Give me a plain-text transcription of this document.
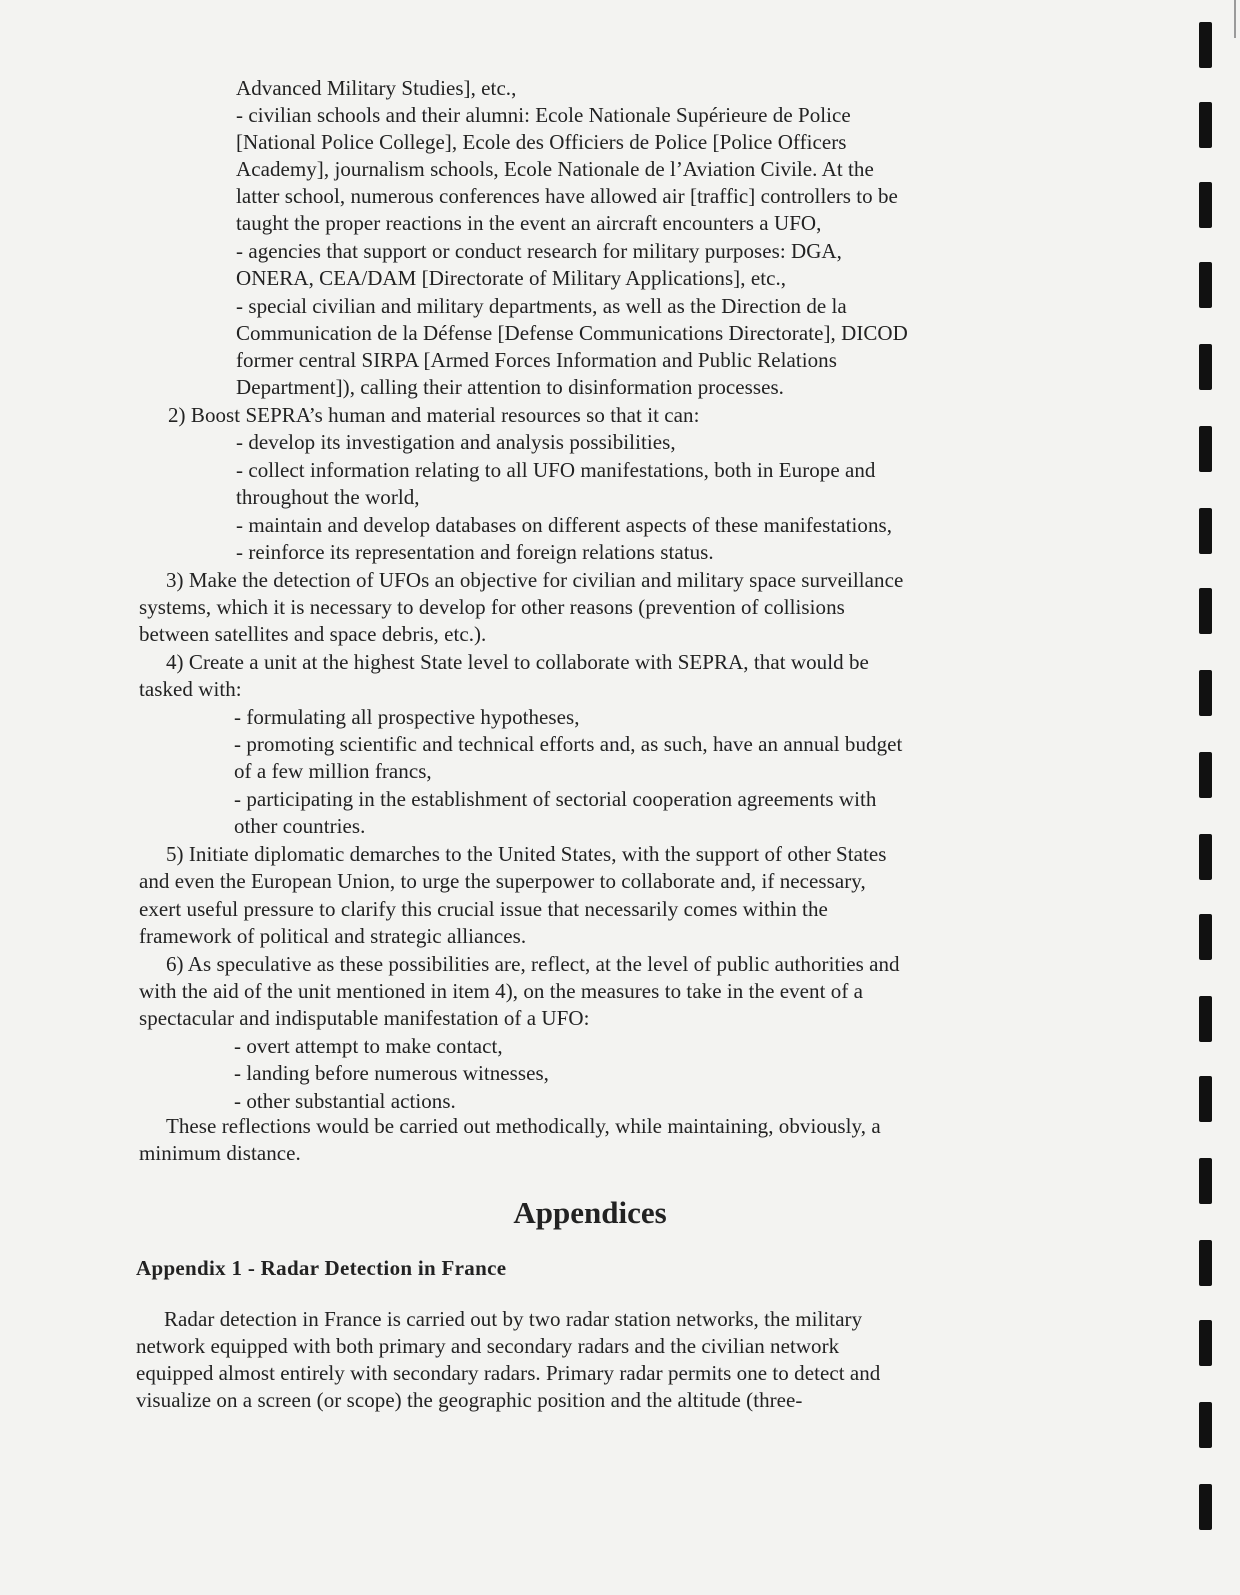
Advanced Military Studies], etc.,
- civilian schools and their alumni: Ecole Nationale Supérieure de Police
[National Police College], Ecole des Officiers de Police [Police Officers
Academy], journalism schools, Ecole Nationale de l’Aviation Civile. At the
latter school, numerous conferences have allowed air [traffic] controllers to be
taught the proper reactions in the event an aircraft encounters a UFO,
- agencies that support or conduct research for military purposes: DGA,
ONERA, CEA/DAM [Directorate of Military Applications], etc.,
- special civilian and military departments, as well as the Direction de la
Communication de la Défense [Defense Communications Directorate], DICOD
former central SIRPA [Armed Forces Information and Public Relations
Department]), calling their attention to disinformation processes.
2) Boost SEPRA’s human and material resources so that it can:
- develop its investigation and analysis possibilities,
- collect information relating to all UFO manifestations, both in Europe and
throughout the world,
- maintain and develop databases on different aspects of these manifestations,
- reinforce its representation and foreign relations status.
3) Make the detection of UFOs an objective for civilian and military space surveillance
systems, which it is necessary to develop for other reasons (prevention of collisions
between satellites and space debris, etc.).
4) Create a unit at the highest State level to collaborate with SEPRA, that would be
tasked with:
- formulating all prospective hypotheses,
- promoting scientific and technical efforts and, as such, have an annual budget
of a few million francs,
- participating in the establishment of sectorial cooperation agreements with
other countries.
5) Initiate diplomatic demarches to the United States, with the support of other States
and even the European Union, to urge the superpower to collaborate and, if necessary,
exert useful pressure to clarify this crucial issue that necessarily comes within the
framework of political and strategic alliances.
6) As speculative as these possibilities are, reflect, at the level of public authorities and
with the aid of the unit mentioned in item 4), on the measures to take in the event of a
spectacular and indisputable manifestation of a UFO:
- overt attempt to make contact,
- landing before numerous witnesses,
- other substantial actions.
These reflections would be carried out methodically, while maintaining, obviously, a
minimum distance.
Appendices
Appendix 1 - Radar Detection in France
Radar detection in France is carried out by two radar station networks, the military
network equipped with both primary and secondary radars and the civilian network
equipped almost entirely with secondary radars. Primary radar permits one to detect and
visualize on a screen (or scope) the geographic position and the altitude (three-
